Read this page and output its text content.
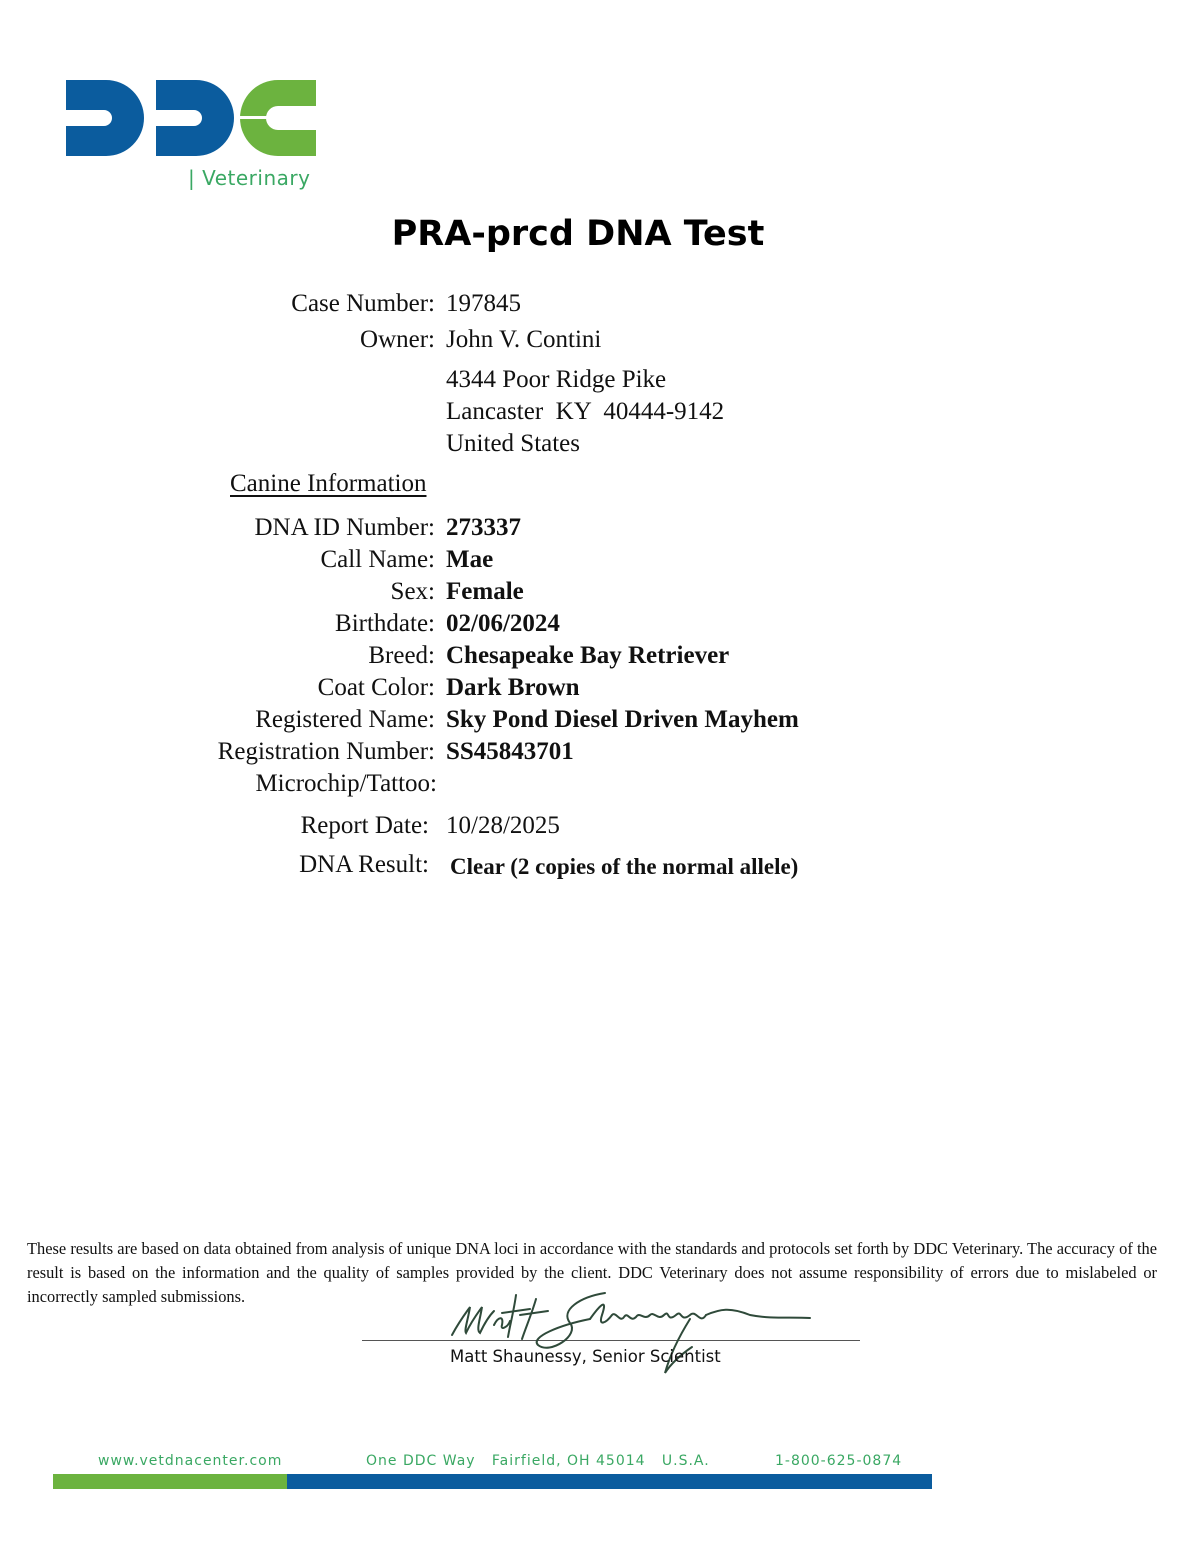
| Veterinary
PRA-prcd DNA Test
Case Number: 197845
Owner: John V. Contini
4344 Poor Ridge Pike
Lancaster  KY  40444-9142
United States
Canine Information
DNA ID Number: 273337
Call Name: Mae
Sex: Female
Birthdate: 02/06/2024
Breed: Chesapeake Bay Retriever
Coat Color: Dark Brown
Registered Name: Sky Pond Diesel Driven Mayhem
Registration Number: SS45843701
Microchip/Tattoo:
Report Date: 10/28/2025
DNA Result: Clear (2 copies of the normal allele)

These results are based on data obtained from analysis of unique DNA loci in accordance with the standards and protocols set forth by DDC Veterinary. The accuracy of the result is based on the information and the quality of samples provided by the client. DDC Veterinary does not assume responsibility of errors due to mislabeled or incorrectly sampled submissions.

Matt Shaunessy, Senior Scientist
www.vetdnacenter.com	One DDC Way   Fairfield, OH 45014   U.S.A.	1-800-625-0874
